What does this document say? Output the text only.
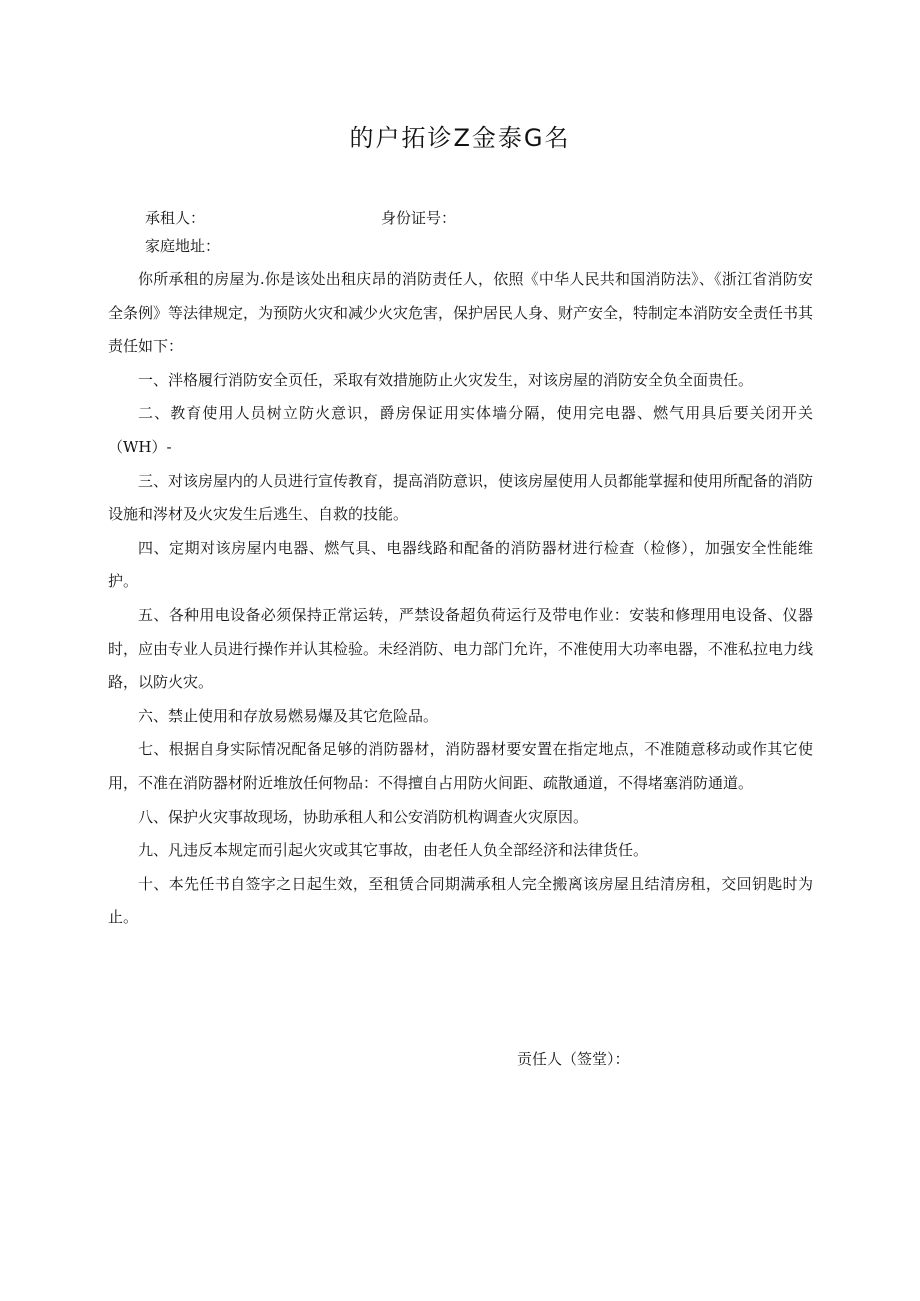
的户拓诊Z金泰G名
承租人：	身份证号：
家庭地址：

你所承租的房屋为.你是该处出租庆昂的消防责任人，依照《中华人民共和国消防法》、《浙江省消防安全条例》等法律规定，为预防火灾和减少火灾危害，保护居民人身、财产安全，特制定本消防安全责任书其责任如下：

一、泮格履行消防安全页任，采取有效措施防止火灾发生，对该房屋的消防安全负全面贵任。

二、教育使用人员树立防火意识，爵房保证用实体墙分隔，使用完电器、燃气用具后要关闭开关（WH）-

三、对该房屋内的人员进行宣传教育，提高消防意识，使该房屋使用人员都能掌握和使用所配备的消防设施和涔材及火灾发生后逃生、自救的技能。

四、定期对该房屋内电器、燃气具、电器线路和配备的消防器材进行检查（检修），加强安全性能维护。

五、各种用电设备必须保持正常运转，严禁设备超负荷运行及带电作业：安装和修理用电设备、仪器时，应由专业人员进行操作并认其检验。未经消防、电力部门允许，不准使用大功率电器，不准私拉电力线路，以防火灾。

六、禁止使用和存放易燃易爆及其它危险品。

七、根据自身实际情况配备足够的消防器材，消防器材要安置在指定地点，不准随意移动或作其它使用，不准在消防器材附近堆放任何物品：不得擅自占用防火间距、疏散通道，不得堵塞消防通道。

八、保护火灾事故现场，协助承租人和公安消防机构调查火灾原因。

九、凡违反本规定而引起火灾或其它事故，由老任人负全部经济和法律货任。

十、本先任书自签字之日起生效，至租赁合同期满承租人完全搬离该房屋且结清房租，交回钥匙时为止。

贡任人（签堂）：
